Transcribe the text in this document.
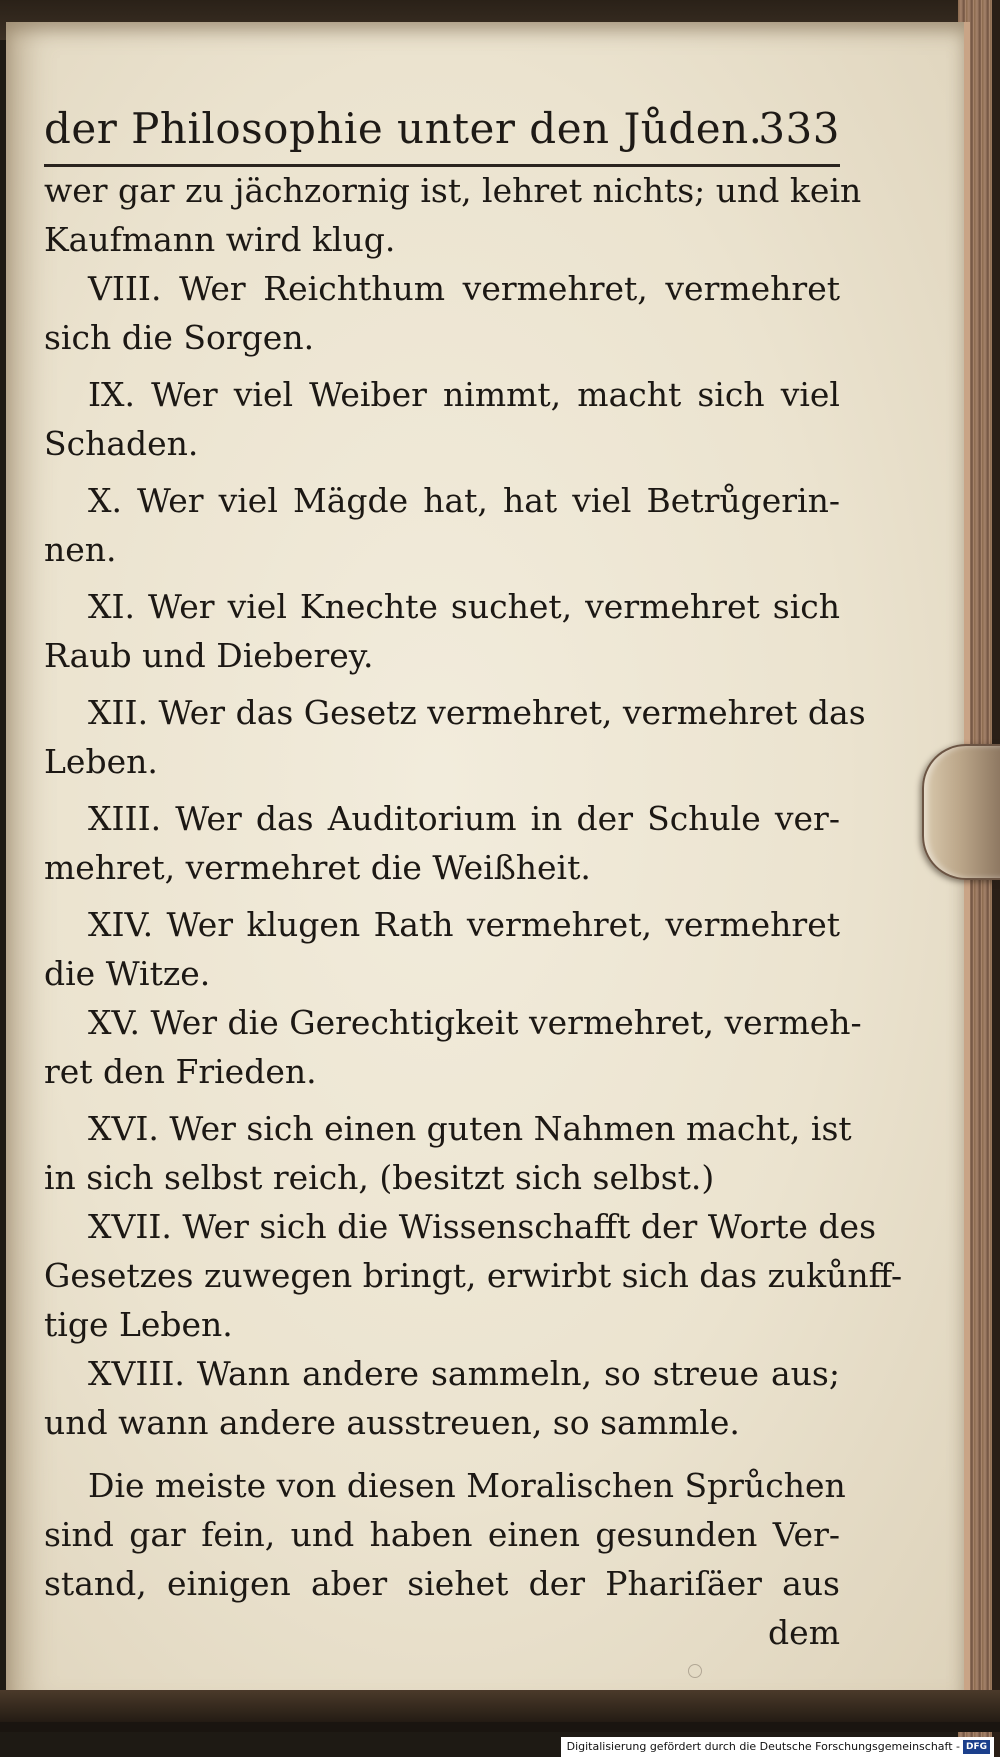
der Philosophie unter den Jůden.
333
wer gar zu jächzornig ist, lehret nichts; und kein
Kaufmann wird klug.
VIII. Wer Reichthum vermehret, vermehret
sich die Sorgen.
IX. Wer viel Weiber nimmt, macht sich viel
Schaden.
X. Wer viel Mägde hat, hat viel Betrůgerin-
nen.
XI. Wer viel Knechte suchet, vermehret sich
Raub und Dieberey.
XII. Wer das Gesetz vermehret, vermehret das
Leben.
XIII. Wer das Auditorium in der Schule ver-
mehret, vermehret die Weißheit.
XIV. Wer klugen Rath vermehret, vermehret
die Witze.
XV. Wer die Gerechtigkeit vermehret, vermeh-
ret den Frieden.
XVI. Wer sich einen guten Nahmen macht, ist
in sich selbst reich, (besitzt sich selbst.)
XVII. Wer sich die Wissenschafft der Worte des
Gesetzes zuwegen bringt, erwirbt sich das zukůnff-
tige Leben.
XVIII. Wann andere sammeln, so streue aus;
und wann andere ausstreuen, so sammle.
Die meiste von diesen Moralischen Sprůchen
sind gar fein, und haben einen gesunden Ver-
stand, einigen aber siehet der Phariſäer aus
dem
Digitalisierung gefördert durch die Deutsche Forschungsgemeinschaft - DFG
